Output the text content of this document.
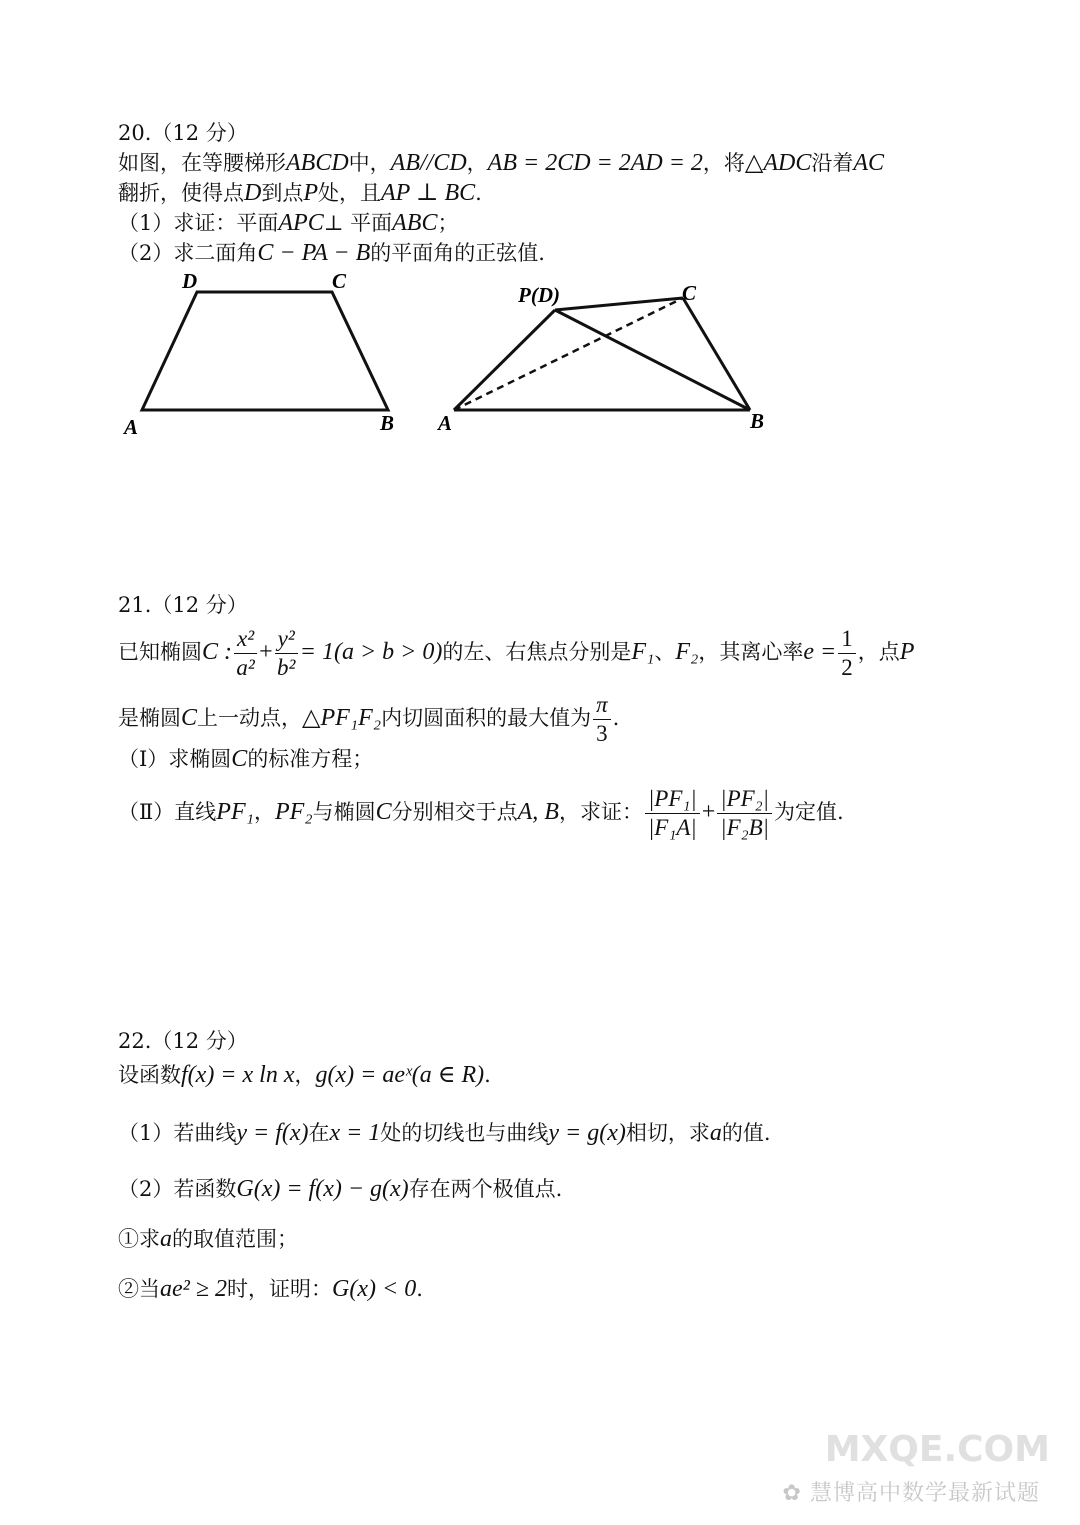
20.（12 分）
如图，在等腰梯形ABCD中，AB//CD，AB = 2CD = 2AD = 2，将△ADC沿着AC
翻折，使得点D到点P处，且AP ⊥ BC.
（1）求证：平面APC⊥ 平面ABC；
（2）求二面角C − PA − B的平面角的正弦值.
D	C
A	B
P(D)	C
A	B
21.（12 分）
已知椭圆C : $\frac{\text{x²}}{\text{a²}} + \frac{\text{y²}}{\text{b²}} = 1(a > b > 0)$的左、右焦点分别是F₁、F₂，其离心率$e = \frac{1}{2}$ ，点P
是椭圆C上一动点，△PF₁F₂内切圆面积的最大值为 $\frac{\pi}{3}$ .
（Ⅰ）求椭圆C的标准方程；
（Ⅱ）直线PF₁，PF₂与椭圆C分别相交于点A, B，求证： $\frac{\text{|PF₁|}}{\text{|F₁A|}} + \frac{\text{|PF₂|}}{\text{|F₂B|}}$ 为定值.
22.（12 分）
设函数f(x) = x ln x，g(x) = aeˣ(a ∈ R).
（1）若曲线y = f(x)在x = 1处的切线也与曲线y = g(x)相切，求a的值.
（2）若函数G(x) = f(x) − g(x)存在两个极值点.
①求a的取值范围；
②当ae² ≥ 2时，证明：G(x) < 0.
MXQE.COM
✿ 慧博高中数学最新试题
